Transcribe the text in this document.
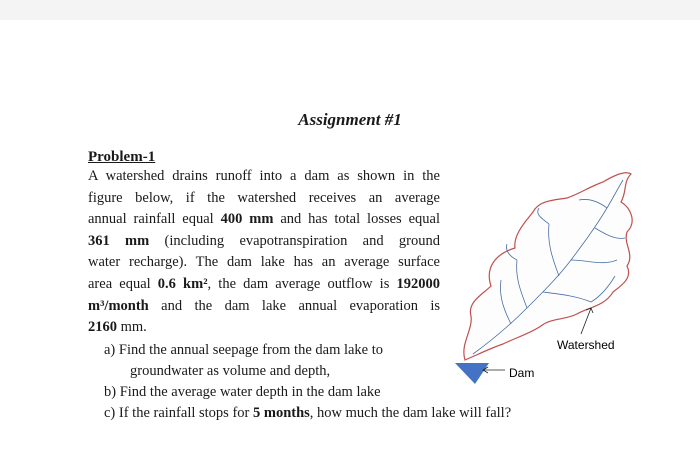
Assignment #1
Problem-1
A watershed drains runoff into a dam as shown in the
figure below, if the watershed receives an average
annual rainfall equal 400 mm and has total losses equal
361 mm (including evapotranspiration and ground
water recharge). The dam lake has an average surface
area equal 0.6 km², the dam average outflow is 192000
m³/month and the dam lake annual evaporation is
2160 mm.
a) Find the annual seepage from the dam lake to
groundwater as volume and depth,
b) Find the average water depth in the dam lake
c) If the rainfall stops for 5 months, how much the dam lake will fall?
Watershed
Dam
